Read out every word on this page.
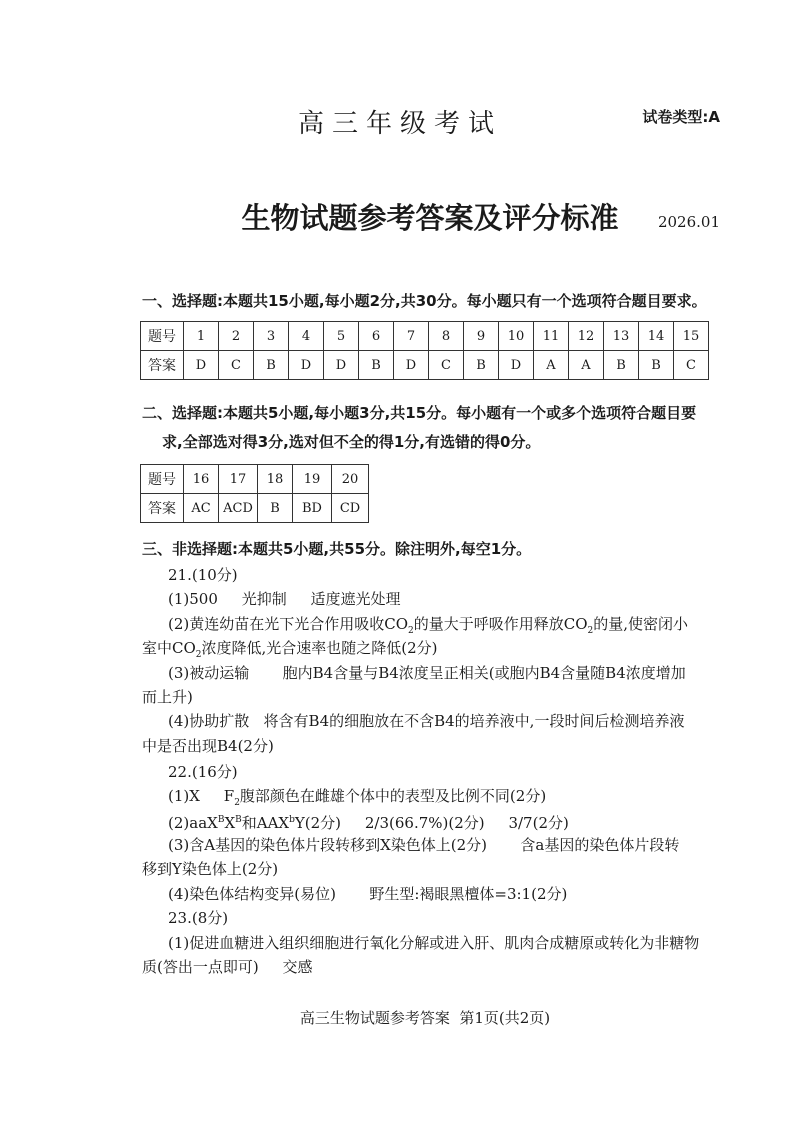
高三年级考试	试卷类型:A
生物试题参考答案及评分标准	2026.01
一、选择题:本题共15小题,每小题2分,共30分。每小题只有一个选项符合题目要求。
题号	1	2	3	4	5	6	7	8	9	10	11	12	13	14	15
答案	D	C	B	D	D	B	D	C	B	D	A	A	B	B	C
二、选择题:本题共5小题,每小题3分,共15分。每小题有一个或多个选项符合题目要
求,全部选对得3分,选对但不全的得1分,有选错的得0分。
题号	16	17	18	19	20
答案	AC	ACD	B	BD	CD
三、非选择题:本题共5小题,共55分。除注明外,每空1分。
21.(10分)
(1)500     光抑制     适度遮光处理
(2)黄连幼苗在光下光合作用吸收$CO_2$的量大于呼吸作用释放$CO_2$的量,使密闭小
室中$CO_2$浓度降低,光合速率也随之降低(2分)
(3)被动运输       胞内B4含量与B4浓度呈正相关(或胞内B4含量随B4浓度增加
而上升)
(4)协助扩散   将含有B4的细胞放在不含B4的培养液中,一段时间后检测培养液
中是否出现B4(2分)
22.(16分)
(1)X     $F_2$腹部颜色在雌雄个体中的表型及比例不同(2分)
$(2)aaX^BX^B$和AAX$^b$Y(2分)     2/3(66.7%)(2分)     3/7(2分)
(3)含A基因的染色体片段转移到X染色体上(2分)       含a基因的染色体片段转
移到Y染色体上(2分)
(4)染色体结构变异(易位)       野生型:褐眼黑檀体=3:1(2分)
23.(8分)
(1)促进血糖进入组织细胞进行氧化分解或进入肝、肌肉合成糖原或转化为非糖物
质(答出一点即可)     交感
高三生物试题参考答案  第1页(共2页)
